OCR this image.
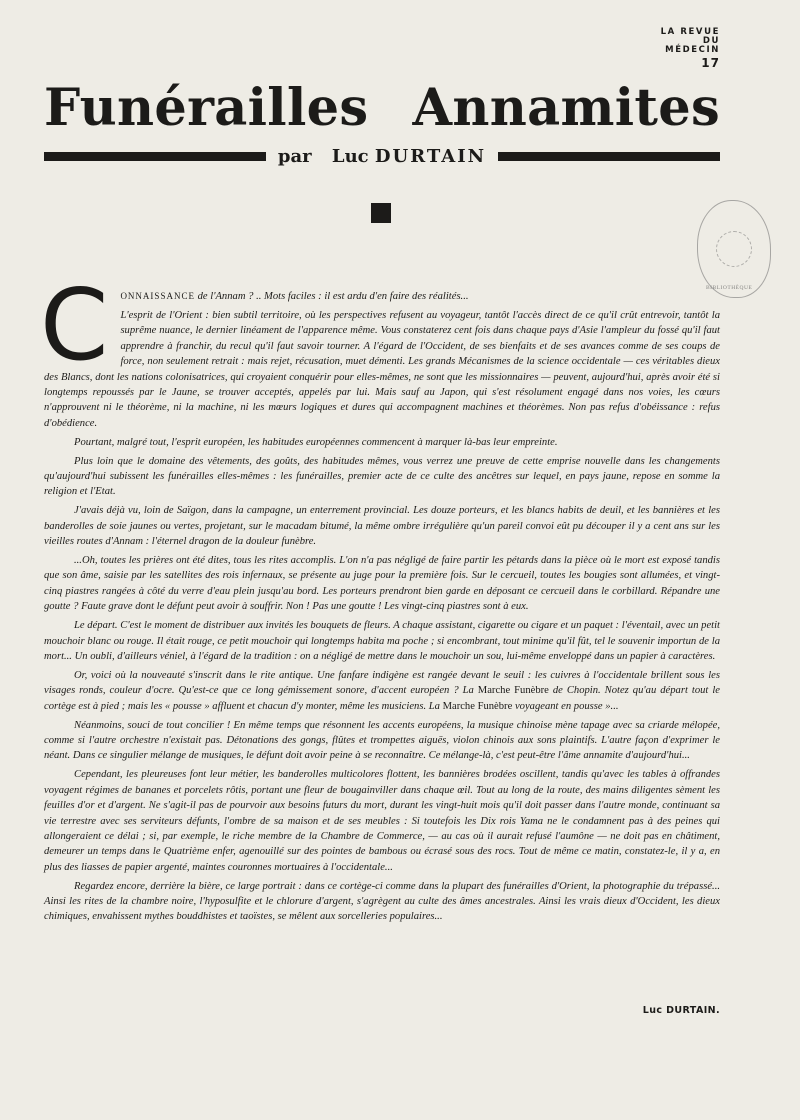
LA REVUE
DU
MÉDECIN
17
Funérailles Annamites
par Luc DURTAIN
BIBLIOTHÈQUE

C ONNAISSANCE de l'Annam ? .. Mots faciles : il est ardu d'en faire des réalités...

L'esprit de l'Orient : bien subtil territoire, où les perspectives refusent au voyageur, tantôt l'accès direct de ce qu'il crût entrevoir, tantôt la suprême nuance, le dernier linéament de l'apparence même. Vous constaterez cent fois dans chaque pays d'Asie l'ampleur du fossé qu'il faut apprendre à franchir, du recul qu'il faut savoir tourner. A l'égard de l'Occident, de ses bienfaits et de ses avances comme de ses coups de force, non seulement retrait : mais rejet, récusation, muet démenti. Les grands Mécanismes de la science occidentale — ces véritables dieux des Blancs, dont les nations colonisatrices, qui croyaient conquérir pour elles-mêmes, ne sont que les missionnaires — peuvent, aujourd'hui, après avoir été si longtemps repoussés par le Jaune, se trouver acceptés, appelés par lui. Mais sauf au Japon, qui s'est résolument engagé dans nos voies, les cœurs n'approuvent ni le théorème, ni la machine, ni les mœurs logiques et dures qui accompagnent machines et théorèmes. Non pas refus d'obéissance : refus d'obédience.

Pourtant, malgré tout, l'esprit européen, les habitudes européennes commencent à marquer là-bas leur empreinte.

Plus loin que le domaine des vêtements, des goûts, des habitudes mêmes, vous verrez une preuve de cette emprise nouvelle dans les changements qu'aujourd'hui subissent les funérailles elles-mêmes : les funérailles, premier acte de ce culte des ancêtres sur lequel, en pays jaune, repose en somme la religion et l'Etat.

J'avais déjà vu, loin de Saïgon, dans la campagne, un enterrement provincial. Les douze porteurs, et les blancs habits de deuil, et les bannières et les banderolles de soie jaunes ou vertes, projetant, sur le macadam bitumé, la même ombre irrégulière qu'un pareil convoi eût pu découper il y a cent ans sur les vieilles routes d'Annam : l'éternel dragon de la douleur funèbre.

...Oh, toutes les prières ont été dites, tous les rites accomplis. L'on n'a pas négligé de faire partir les pétards dans la pièce où le mort est exposé tandis que son âme, saisie par les satellites des rois infernaux, se présente au juge pour la première fois. Sur le cercueil, toutes les bougies sont allumées, et vingt-cinq piastres rangées à côté du verre d'eau plein jusqu'au bord. Les porteurs prendront bien garde en déposant ce cercueil dans le corbillard. Répandre une goutte ? Faute grave dont le défunt peut avoir à souffrir. Non ! Pas une goutte ! Les vingt-cinq piastres sont à eux.

Le départ. C'est le moment de distribuer aux invités les bouquets de fleurs. A chaque assistant, cigarette ou cigare et un paquet : l'éventail, avec un petit mouchoir blanc ou rouge. Il était rouge, ce petit mouchoir qui longtemps habita ma poche ; si encombrant, tout minime qu'il fût, tel le souvenir importun de la mort... Un oubli, d'ailleurs véniel, à l'égard de la tradition : on a négligé de mettre dans le mouchoir un sou, lui-même enveloppé dans un papier à caractères.

Or, voici où la nouveauté s'inscrit dans le rite antique. Une fanfare indigène est rangée devant le seuil : les cuivres à l'occidentale brillent sous les visages ronds, couleur d'ocre. Qu'est-ce que ce long gémissement sonore, d'accent européen ? La Marche Funèbre de Chopin. Notez qu'au départ tout le cortège est à pied ; mais les « pousse » affluent et chacun d'y monter, même les musiciens. La Marche Funèbre voyageant en pousse »...

Néanmoins, souci de tout concilier ! En même temps que résonnent les accents européens, la musique chinoise mène tapage avec sa criarde mélopée, comme si l'autre orchestre n'existait pas. Détonations des gongs, flûtes et trompettes aiguës, violon chinois aux sons plaintifs. L'autre façon d'exprimer le néant. Dans ce singulier mélange de musiques, le défunt doit avoir peine à se reconnaître. Ce mélange-là, c'est peut-être l'âme annamite d'aujourd'hui...

Cependant, les pleureuses font leur métier, les banderolles multicolores flottent, les bannières brodées oscillent, tandis qu'avec les tables à offrandes voyagent régimes de bananes et porcelets rôtis, portant une fleur de bougainviller dans chaque œil. Tout au long de la route, des mains diligentes sèment les feuilles d'or et d'argent. Ne s'agit-il pas de pourvoir aux besoins futurs du mort, durant les vingt-huit mois qu'il doit passer dans l'autre monde, continuant sa vie terrestre avec ses serviteurs défunts, l'ombre de sa maison et de ses meubles : Si toutefois les Dix rois Yama ne le condamnent pas à des peines qui allongeraient ce délai ; si, par exemple, le riche membre de la Chambre de Commerce, — au cas où il aurait refusé l'aumône — ne doit pas en châtiment, demeurer un temps dans le Quatrième enfer, agenouillé sur des pointes de bambous ou écrasé sous des rocs. Tout de même ce matin, constatez-le, il y a, en plus des liasses de papier argenté, maintes couronnes mortuaires à l'occidentale...

Regardez encore, derrière la bière, ce large portrait : dans ce cortège-ci comme dans la plupart des funérailles d'Orient, la photographie du trépassé... Ainsi les rites de la chambre noire, l'hyposulfite et le chlorure d'argent, s'agrègent au culte des âmes ancestrales. Ainsi les vrais dieux d'Occident, les dieux chimiques, envahissent mythes bouddhistes et taoïstes, se mêlent aux sorcelleries populaires...

Luc DURTAIN.
